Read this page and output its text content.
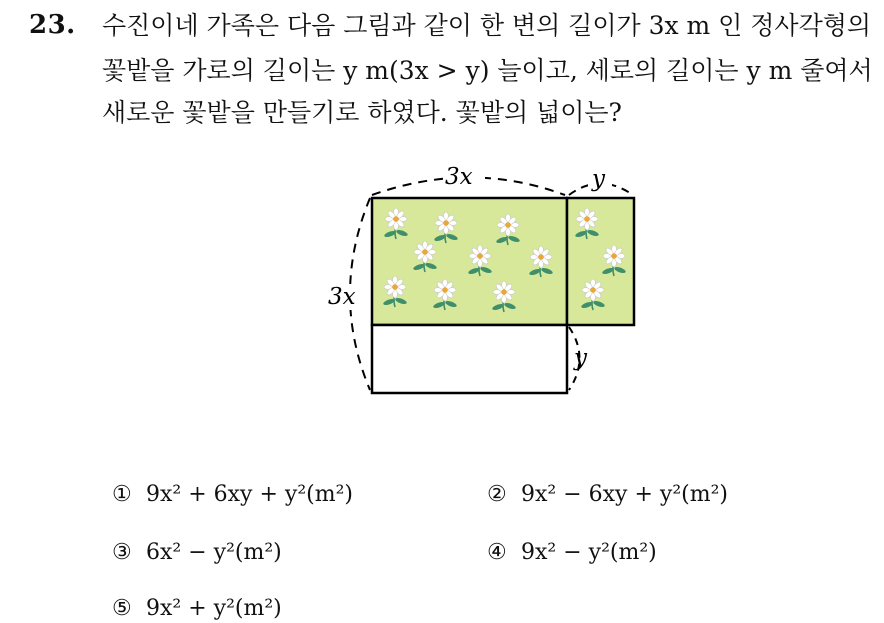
23. 수진이네 가족은 다음 그림과 같이 한 변의 길이가 3x m 인 정사각형의
꽃밭을 가로의 길이는 y m(3x > y) 늘이고, 세로의 길이는 y m 줄여서
새로운 꽃밭을 만들기로 하였다. 꽃밭의 넓이는?
3x	y
3x
y
① 9x² + 6xy + y²(m²)	② 9x² − 6xy + y²(m²)
③ 6x² − y²(m²)	④ 9x² − y²(m²)
⑤ 9x² + y²(m²)
